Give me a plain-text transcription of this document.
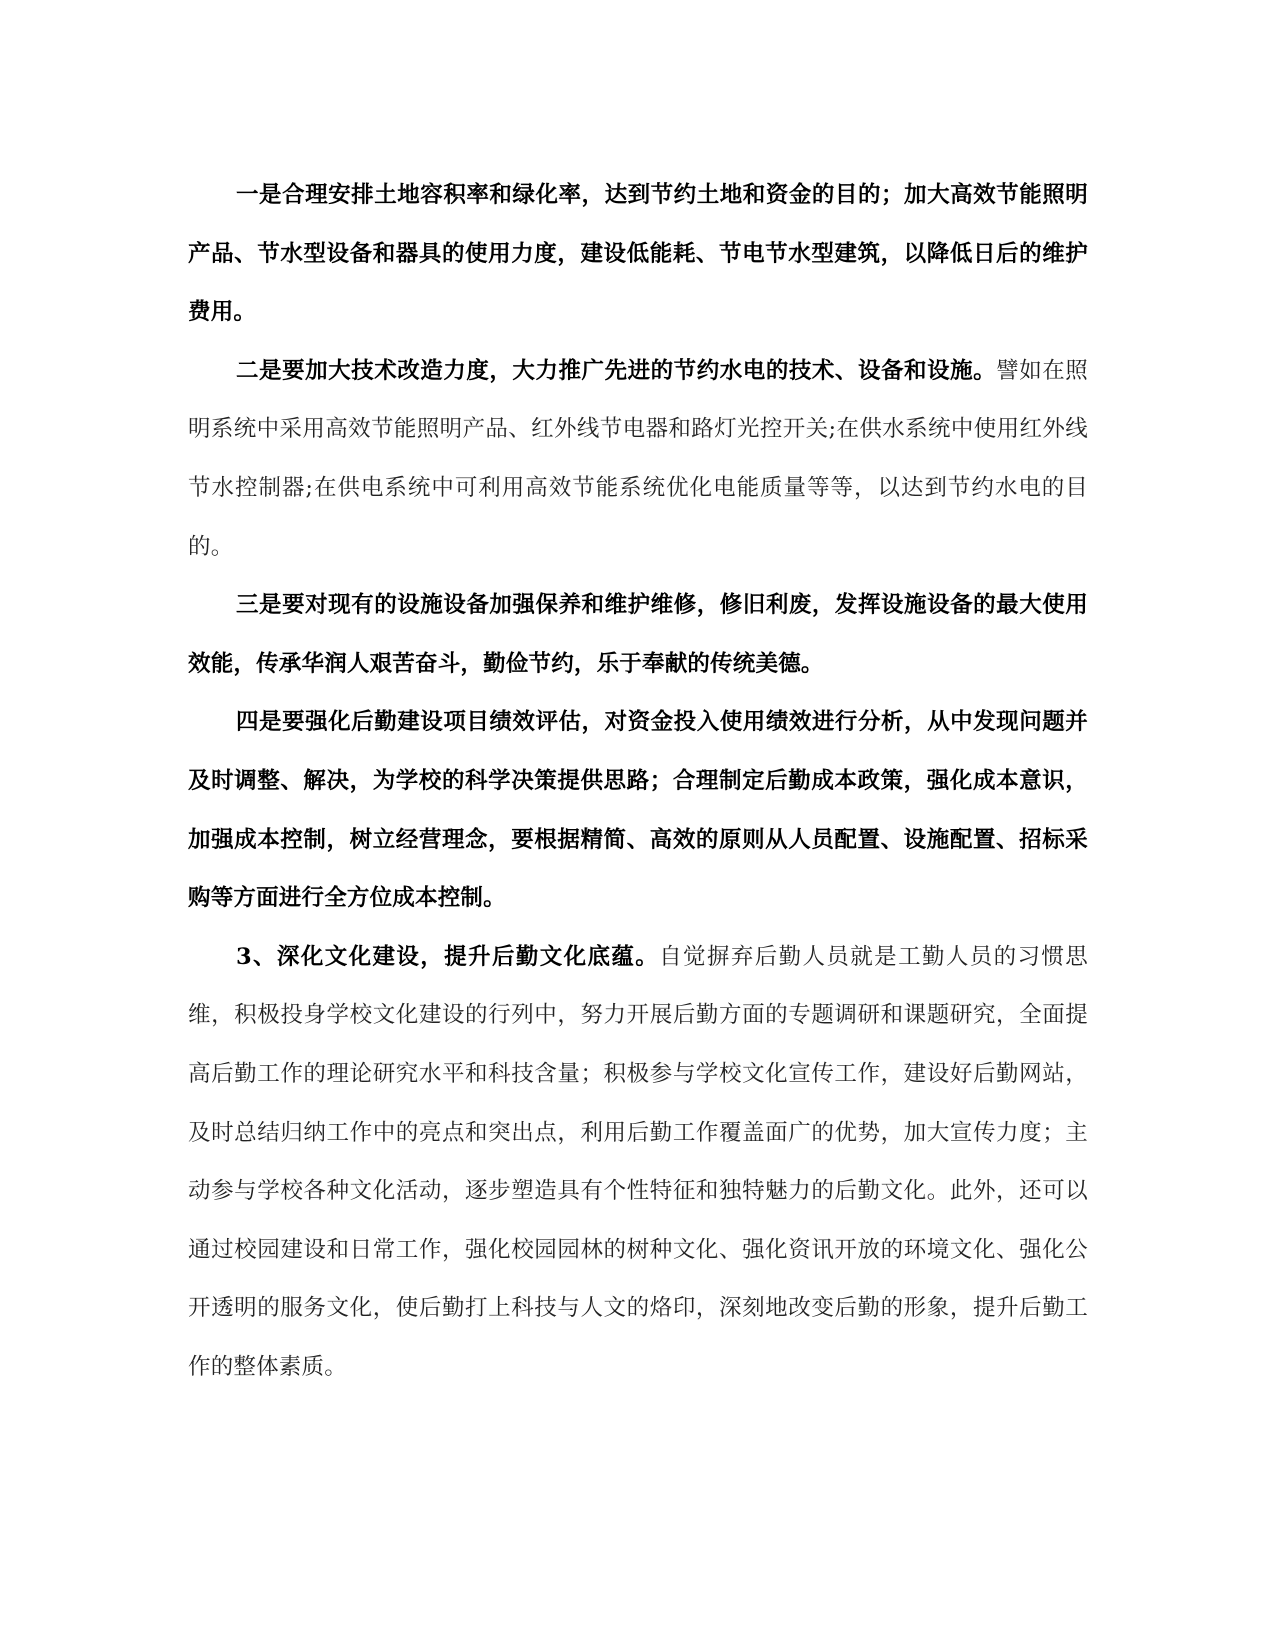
一是合理安排土地容积率和绿化率，达到节约土地和资金的目的；加大高效节能照明产品、节水型设备和器具的使用力度，建设低能耗、节电节水型建筑，以降低日后的维护费用。

二是要加大技术改造力度，大力推广先进的节约水电的技术、设备和设施。譬如在照明系统中采用高效节能照明产品、红外线节电器和路灯光控开关;在供水系统中使用红外线节水控制器;在供电系统中可利用高效节能系统优化电能质量等等，以达到节约水电的目的。

三是要对现有的设施设备加强保养和维护维修，修旧利废，发挥设施设备的最大使用效能，传承华润人艰苦奋斗，勤俭节约，乐于奉献的传统美德。

四是要强化后勤建设项目绩效评估，对资金投入使用绩效进行分析，从中发现问题并及时调整、解决，为学校的科学决策提供思路；合理制定后勤成本政策，强化成本意识，加强成本控制，树立经营理念，要根据精简、高效的原则从人员配置、设施配置、招标采购等方面进行全方位成本控制。

3、深化文化建设，提升后勤文化底蕴。自觉摒弃后勤人员就是工勤人员的习惯思维，积极投身学校文化建设的行列中，努力开展后勤方面的专题调研和课题研究，全面提高后勤工作的理论研究水平和科技含量；积极参与学校文化宣传工作，建设好后勤网站，及时总结归纳工作中的亮点和突出点，利用后勤工作覆盖面广的优势，加大宣传力度；主动参与学校各种文化活动，逐步塑造具有个性特征和独特魅力的后勤文化。此外，还可以通过校园建设和日常工作，强化校园园林的树种文化、强化资讯开放的环境文化、强化公开透明的服务文化，使后勤打上科技与人文的烙印，深刻地改变后勤的形象，提升后勤工作的整体素质。
